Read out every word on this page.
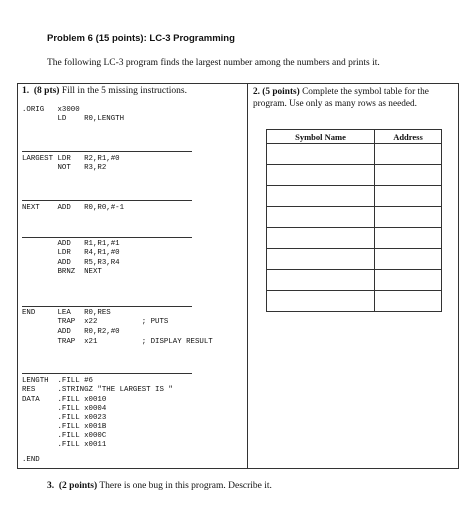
Problem 6 (15 points): LC-3 Programming
The following LC-3 program finds the largest number among the numbers and prints it.
1.  (8 pts) Fill in the 5 missing instructions.
.ORIG   x3000
LD    R0,LENGTH
LARGEST LDR   R2,R1,#0
NOT   R3,R2
NEXT    ADD   R0,R0,#-1
ADD   R1,R1,#1
LDR   R4,R1,#0
ADD   R5,R3,R4
BRNZ  NEXT
END     LEA   R0,RES
TRAP  x22          ; PUTS
ADD   R0,R2,#0
TRAP  x21          ; DISPLAY RESULT
LENGTH  .FILL #6
RES     .STRINGZ "THE LARGEST IS "
DATA    .FILL x0010
.FILL x0004
.FILL x0023
.FILL x001B
.FILL x000C
.FILL x0011
.END
2. (5 points) Complete the symbol table for the program. Use only as many rows as needed.
Symbol Name	Address

3.  (2 points) There is one bug in this program. Describe it.
